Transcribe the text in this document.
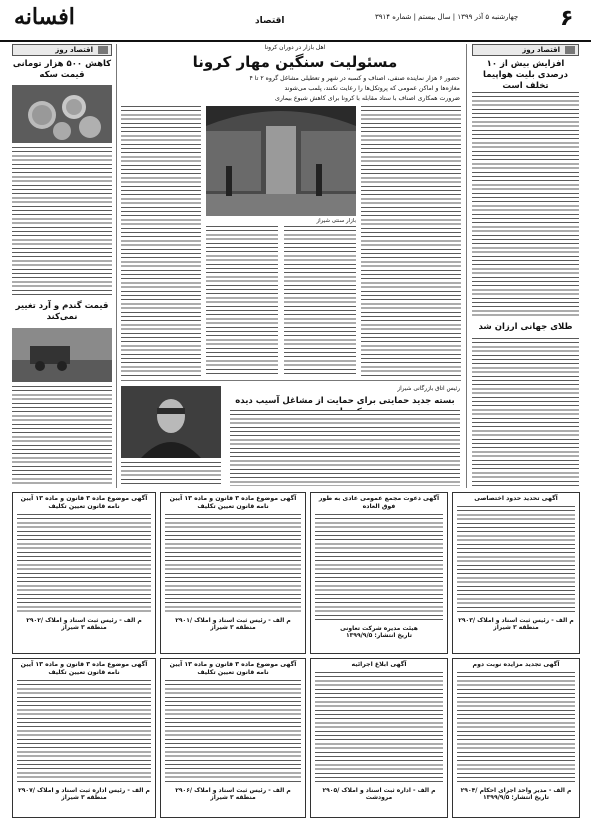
۶
چهارشنبه ۵ آذر ۱۳۹۹ | سال بیستم | شماره ۳۹۱۴
اقتصاد
افسانه
اقتصاد روز
کاهش ۵۰۰ هزار تومانی قیمت سکه
قیمت گندم و آرد تغییر نمی‌کند
اهل بازار در دوران کرونا
مسئولیت سنگین مهار کرونا
حضور ۶ هزار نماینده صنفی، اصناف و کسبه در شهر و تعطیلی مشاغل گروه ۲ تا ۴
مغازه‌ها و اماکن عمومی که پروتکل‌ها را رعایت نکنند، پلمب می‌شوند
ضرورت همکاری اصناف با ستاد مقابله با کرونا برای کاهش شیوع بیماری
بازار سنتی شیراز
رئیس اتاق بازرگانی شیراز
بسته جدید حمایتی برای حمایت از مشاغل آسیب دیده
اقتصاد روز
افزایش بیش از ۱۰ درصدی بلیت هواپیما تخلف است
طلای جهانی ارزان شد
آگهی تحدید حدود اختصاصی
۲۹۰۳/ م الف - رئیس ثبت اسناد و املاک
منطقه ۳ شیراز
آگهی دعوت مجمع عمومی عادی به طور فوق العاده
هیئت مدیره شرکت تعاونی
تاریخ انتشار: ۱۳۹۹/۹/۵
آگهی موضوع ماده ۳ قانون و ماده ۱۳ آیین نامه قانون تعیین تکلیف
۲۹۰۱/ م الف - رئیس ثبت اسناد و املاک
منطقه ۳ شیراز
آگهی موضوع ماده ۳ قانون و ماده ۱۳ آیین نامه قانون تعیین تکلیف
۲۹۰۲/ م الف - رئیس ثبت اسناد و املاک
منطقه ۳ شیراز
آگهی تجدید مزایده نوبت دوم
۲۹۰۴/ م الف - مدیر واحد اجرای احکام
تاریخ انتشار: ۱۳۹۹/۹/۵
آگهی ابلاغ اجرائیه
۲۹۰۵/ م الف - اداره ثبت اسناد و املاک
مرودشت
آگهی موضوع ماده ۳ قانون و ماده ۱۳ آیین نامه قانون تعیین تکلیف
۲۹۰۶/ م الف - رئیس ثبت اسناد و املاک
منطقه ۳ شیراز
آگهی موضوع ماده ۳ قانون و ماده ۱۳ آیین نامه قانون تعیین تکلیف
۲۹۰۷/ م الف - رئیس اداره ثبت اسناد و املاک
منطقه ۳ شیراز
